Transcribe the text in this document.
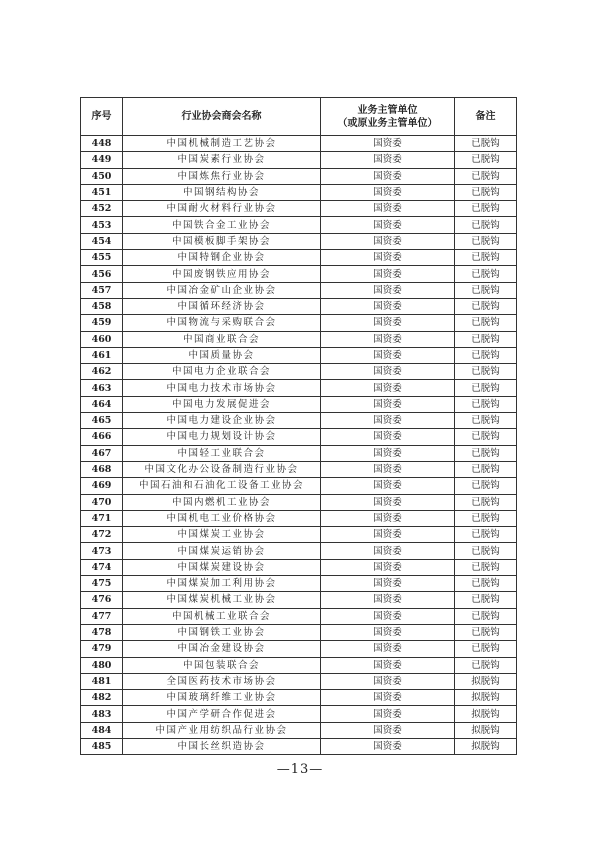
序号	行业协会商会名称	业务主管单位
（或原业务主管单位）	备注
448	中国机械制造工艺协会	国资委	已脱钩
449	中国炭素行业协会	国资委	已脱钩
450	中国炼焦行业协会	国资委	已脱钩
451	中国钢结构协会	国资委	已脱钩
452	中国耐火材料行业协会	国资委	已脱钩
453	中国铁合金工业协会	国资委	已脱钩
454	中国模板脚手架协会	国资委	已脱钩
455	中国特钢企业协会	国资委	已脱钩
456	中国废钢铁应用协会	国资委	已脱钩
457	中国冶金矿山企业协会	国资委	已脱钩
458	中国循环经济协会	国资委	已脱钩
459	中国物流与采购联合会	国资委	已脱钩
460	中国商业联合会	国资委	已脱钩
461	中国质量协会	国资委	已脱钩
462	中国电力企业联合会	国资委	已脱钩
463	中国电力技术市场协会	国资委	已脱钩
464	中国电力发展促进会	国资委	已脱钩
465	中国电力建设企业协会	国资委	已脱钩
466	中国电力规划设计协会	国资委	已脱钩
467	中国轻工业联合会	国资委	已脱钩
468	中国文化办公设备制造行业协会	国资委	已脱钩
469	中国石油和石油化工设备工业协会	国资委	已脱钩
470	中国内燃机工业协会	国资委	已脱钩
471	中国机电工业价格协会	国资委	已脱钩
472	中国煤炭工业协会	国资委	已脱钩
473	中国煤炭运销协会	国资委	已脱钩
474	中国煤炭建设协会	国资委	已脱钩
475	中国煤炭加工利用协会	国资委	已脱钩
476	中国煤炭机械工业协会	国资委	已脱钩
477	中国机械工业联合会	国资委	已脱钩
478	中国钢铁工业协会	国资委	已脱钩
479	中国冶金建设协会	国资委	已脱钩
480	中国包装联合会	国资委	已脱钩
481	全国医药技术市场协会	国资委	拟脱钩
482	中国玻璃纤维工业协会	国资委	拟脱钩
483	中国产学研合作促进会	国资委	拟脱钩
484	中国产业用纺织品行业协会	国资委	拟脱钩
485	中国长丝织造协会	国资委	拟脱钩
—13—
